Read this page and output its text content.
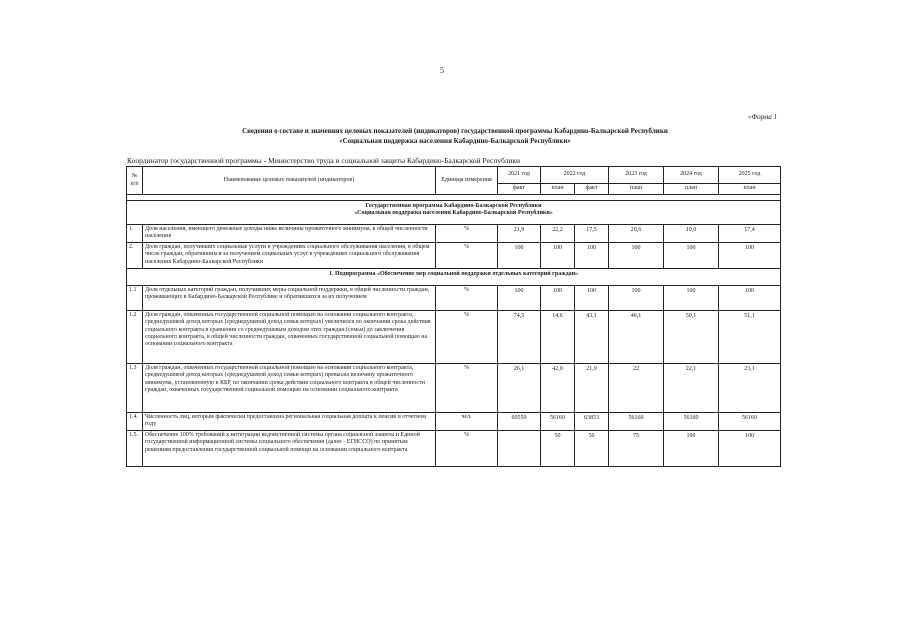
5
«Форма 1
Сведения о составе и значениях целевых показателей (индикаторов) государственной программы Кабардино-Балкарской Республики
«Социальная поддержка населения Кабардино-Балкарской Республики»
Координатор государственной программы - Министерство труда и социальной защиты Кабардино-Балкарской Республики
№ п/п	Наименование целевых показателей (индикаторов)	Единица измерения	2021 год	2022 год		2023 год	2024 год	2025 год
			факт	план	факт	план	план	план

Государственная программа Кабардино-Балкарской Республики
«Социальная поддержка населения Кабардино-Балкарской Республики»								

1.	Доля населения, имеющего денежные доходы ниже величины прожиточного минимума, в общей численности населения	%	21,9	22,2	17,5	20,6	19,0	17,4
2.	Доля граждан, получивших социальные услуги в учреждениях социального обслуживания населения, в общем числе граждан, обратившихся за получением социальных услуг в учреждениях социального обслуживания населения Кабардино-Балкарской Республики	%	100	100	100	100	100	100
1. Подпрограмма «Обеспечение мер социальной поддержки отдельных категорий граждан»								
1.1	Доля отдельных категорий граждан, получивших меры социальной поддержки, в общей численности граждан, проживающих в Кабардино-Балкарской Республике и обратившихся за их получением	%	100	100	100	100	100	100
1.2	Доля граждан, охваченных государственной социальной помощью на основании социального контракта, среднедушевой доход которых (среднедушевой доход семьи которых) увеличился по окончании срока действия социального контракта в сравнении со среднедушевым доходом этих граждан (семьи) до заключения социального контракта, в общей численности граждан, охваченных государственной социальной помощью на основании социального контракта	%	74,5	14,6	43,1	46,1	50,1	51,1
1.3	Доля граждан, охваченных государственной социальной помощью на основании социального контракта, среднедушевой доход которых (среднедушевой доход семьи которых) превысил величину прожиточного минимума, установленную в КБР, по окончании срока действия социального контракта в общей численности граждан, охваченных государственной социальной помощью на основании социального контракта	%	26,1	42,0	21,9	22	22,1	23,1
1.4.	Численность лиц, которым фактически предоставлена региональная социальная доплата к пенсии в отчетном году	чел.	60559	56160	63853	56160	56160	56160
1.5.	Обеспечение 100% требований к интеграции ведомственной системы органа социальной защиты и Единой государственной информационной системы социального обеспечения (далее - ЕГИССО) по принятым решениям предоставления государственной социальной помощи на основании социального контракта	%		50	50	75	100	100
